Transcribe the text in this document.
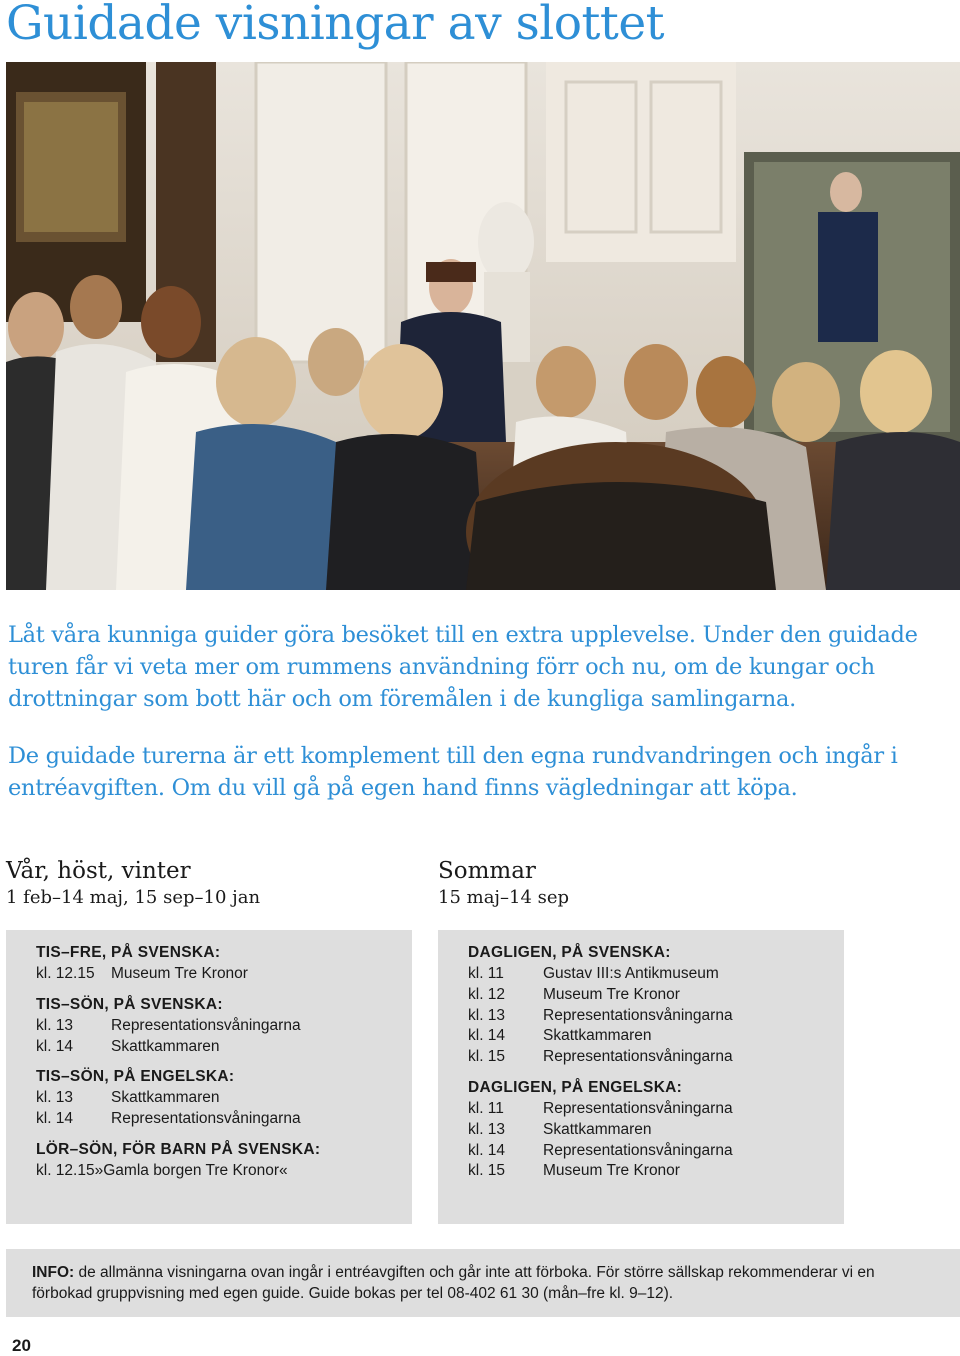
Guidade visningar av slottet

Låt våra kunniga guider göra besöket till en extra upplevelse. Under den guidade turen får vi veta mer om rummens användning förr och nu, om de kungar och drottningar som bott här och om föremålen i de kungliga samlingarna.

De guidade turerna är ett komplement till den egna rundvandringen och ingår i entréavgiften. Om du vill gå på egen hand finns vägledningar att köpa.

Vår, höst, vinter

1 feb–14 maj, 15 sep–10 jan

Sommar

15 maj–14 sep

TIS–FRE, PÅ SVENSKA:
kl. 12.15	Museum Tre Kronor
TIS–SÖN, PÅ SVENSKA:
kl. 13	Representationsvåningarna
kl. 14	Skattkammaren
TIS–SÖN, PÅ ENGELSKA:
kl. 13	Skattkammaren
kl. 14	Representationsvåningarna
LÖR–SÖN, FÖR BARN PÅ SVENSKA:
kl. 12.15 »Gamla borgen Tre Kronor«
DAGLIGEN, PÅ SVENSKA:
kl. 11	Gustav III:s Antikmuseum
kl. 12	Museum Tre Kronor
kl. 13	Representationsvåningarna
kl. 14	Skattkammaren
kl. 15	Representationsvåningarna
DAGLIGEN, PÅ ENGELSKA:
kl. 11	Representationsvåningarna
kl. 13	Skattkammaren
kl. 14	Representationsvåningarna
kl. 15	Museum Tre Kronor
INFO: de allmänna visningarna ovan ingår i entréavgiften och går inte att förboka. För större sällskap rekommenderar vi en förbokad gruppvisning med egen guide. Guide bokas per tel 08-402 61 30 (mån–fre kl. 9–12).
20
